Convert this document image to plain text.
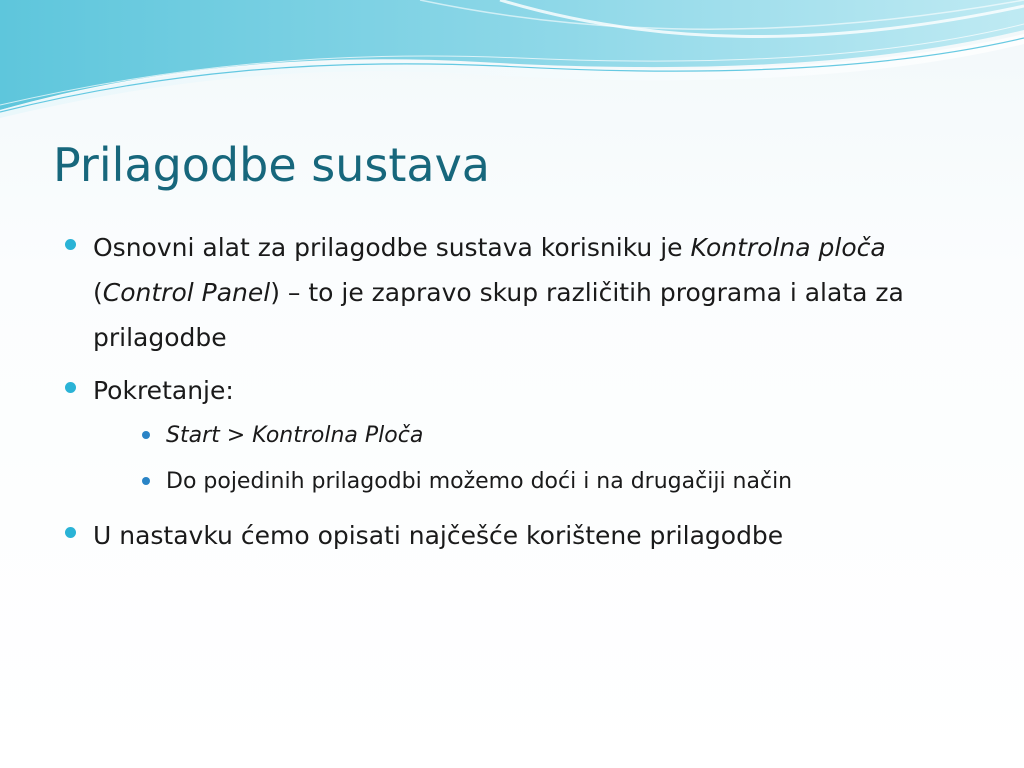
Prilagodbe sustava
Osnovni alat za prilagodbe sustava korisniku je Kontrolna ploča (Control Panel) – to je zapravo skup različitih programa i alata za prilagodbe
Pokretanje:
Start > Kontrolna Ploča
Do pojedinih prilagodbi možemo doći i na drugačiji način
U nastavku ćemo opisati najčešće korištene prilagodbe
